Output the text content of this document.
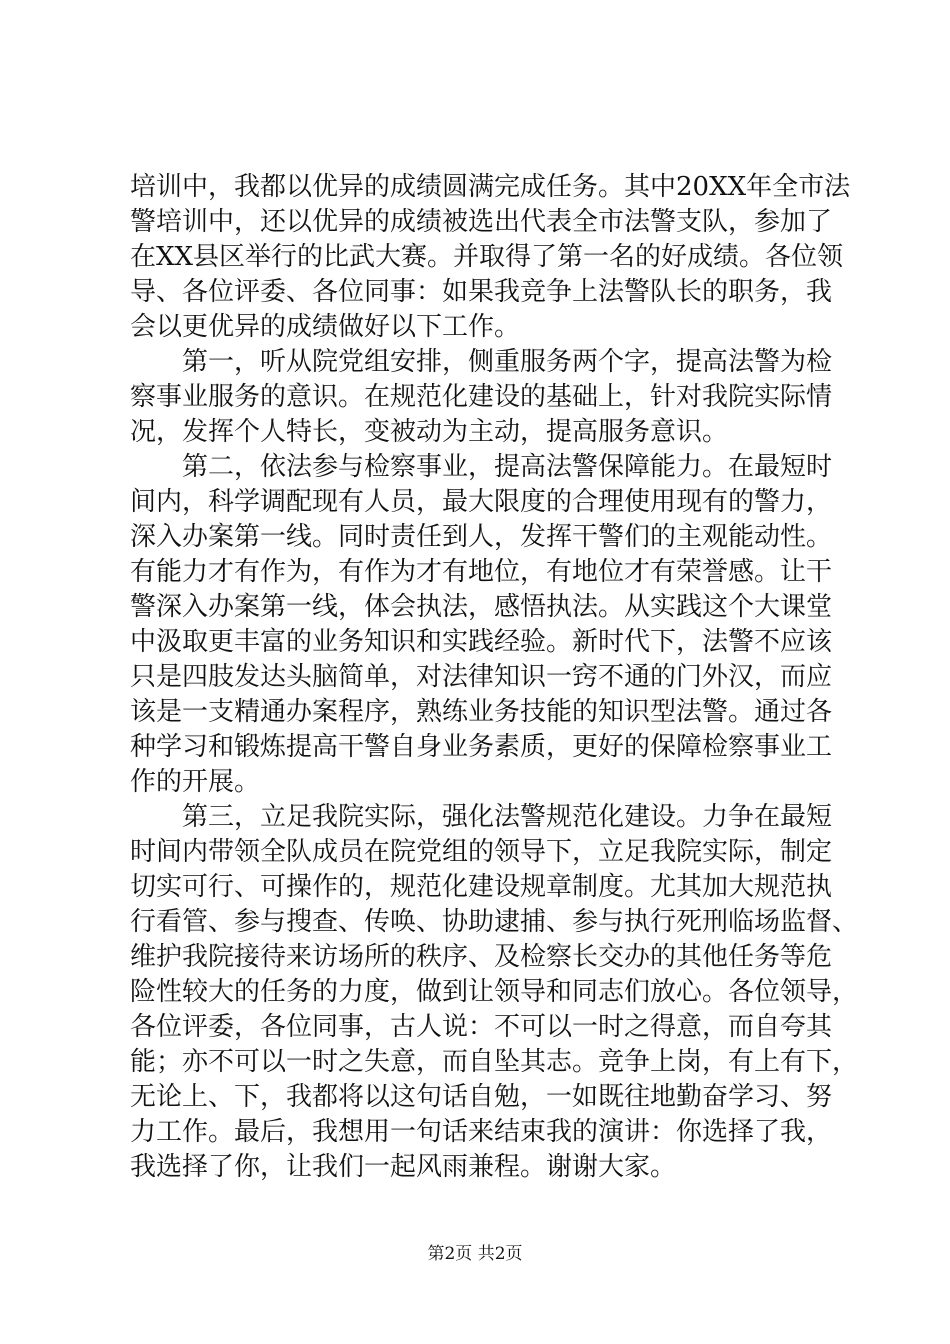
培训中，我都以优异的成绩圆满完成任务。其中20XX年全市法
警培训中，还以优异的成绩被选出代表全市法警支队，参加了
在XX县区举行的比武大赛。并取得了第一名的好成绩。各位领
导、各位评委、各位同事：如果我竞争上法警队长的职务，我
会以更优异的成绩做好以下工作。
第一，听从院党组安排，侧重服务两个字，提高法警为检
察事业服务的意识。在规范化建设的基础上，针对我院实际情
况，发挥个人特长，变被动为主动，提高服务意识。
第二，依法参与检察事业，提高法警保障能力。在最短时
间内，科学调配现有人员，最大限度的合理使用现有的警力，
深入办案第一线。同时责任到人，发挥干警们的主观能动性。
有能力才有作为，有作为才有地位，有地位才有荣誉感。让干
警深入办案第一线，体会执法，感悟执法。从实践这个大课堂
中汲取更丰富的业务知识和实践经验。新时代下，法警不应该
只是四肢发达头脑简单，对法律知识一窍不通的门外汉，而应
该是一支精通办案程序，熟练业务技能的知识型法警。通过各
种学习和锻炼提高干警自身业务素质，更好的保障检察事业工
作的开展。
第三，立足我院实际，强化法警规范化建设。力争在最短
时间内带领全队成员在院党组的领导下，立足我院实际，制定
切实可行、可操作的，规范化建设规章制度。尤其加大规范执
行看管、参与搜查、传唤、协助逮捕、参与执行死刑临场监督、
维护我院接待来访场所的秩序、及检察长交办的其他任务等危
险性较大的任务的力度，做到让领导和同志们放心。各位领导，
各位评委，各位同事，古人说：不可以一时之得意，而自夸其
能；亦不可以一时之失意，而自坠其志。竞争上岗，有上有下，
无论上、下，我都将以这句话自勉，一如既往地勤奋学习、努
力工作。最后，我想用一句话来结束我的演讲：你选择了我，
我选择了你，让我们一起风雨兼程。谢谢大家。
第2页 共2页
